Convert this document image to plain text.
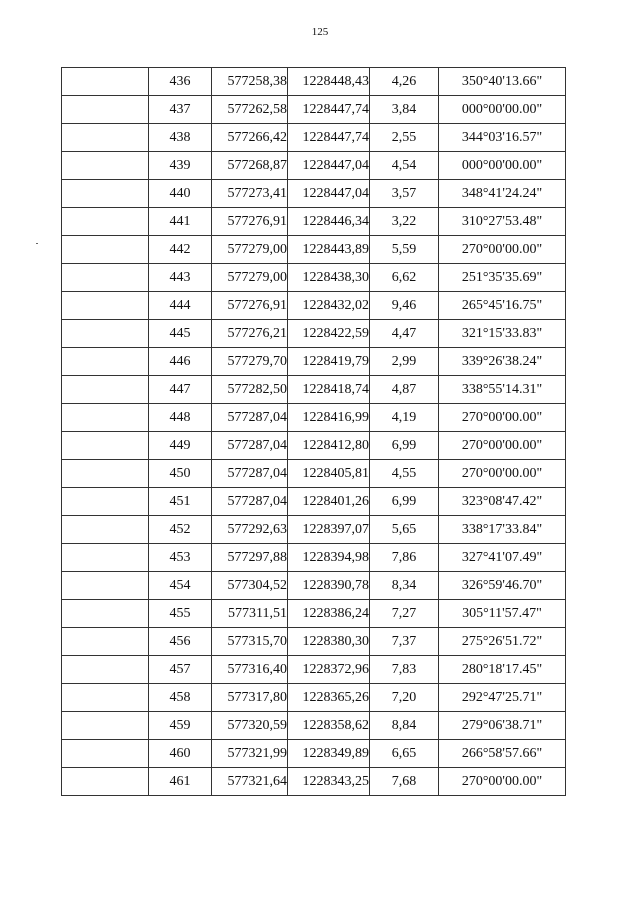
125
	436	577258,38	1228448,43	4,26	350°40'13.66"
	437	577262,58	1228447,74	3,84	000°00'00.00"
	438	577266,42	1228447,74	2,55	344°03'16.57"
	439	577268,87	1228447,04	4,54	000°00'00.00"
	440	577273,41	1228447,04	3,57	348°41'24.24"
	441	577276,91	1228446,34	3,22	310°27'53.48"
	442	577279,00	1228443,89	5,59	270°00'00.00"
	443	577279,00	1228438,30	6,62	251°35'35.69"
	444	577276,91	1228432,02	9,46	265°45'16.75"
	445	577276,21	1228422,59	4,47	321°15'33.83"
	446	577279,70	1228419,79	2,99	339°26'38.24"
	447	577282,50	1228418,74	4,87	338°55'14.31"
	448	577287,04	1228416,99	4,19	270°00'00.00"
	449	577287,04	1228412,80	6,99	270°00'00.00"
	450	577287,04	1228405,81	4,55	270°00'00.00"
	451	577287,04	1228401,26	6,99	323°08'47.42"
	452	577292,63	1228397,07	5,65	338°17'33.84"
	453	577297,88	1228394,98	7,86	327°41'07.49"
	454	577304,52	1228390,78	8,34	326°59'46.70"
	455	577311,51	1228386,24	7,27	305°11'57.47"
	456	577315,70	1228380,30	7,37	275°26'51.72"
	457	577316,40	1228372,96	7,83	280°18'17.45"
	458	577317,80	1228365,26	7,20	292°47'25.71"
	459	577320,59	1228358,62	8,84	279°06'38.71"
	460	577321,99	1228349,89	6,65	266°58'57.66"
	461	577321,64	1228343,25	7,68	270°00'00.00"
